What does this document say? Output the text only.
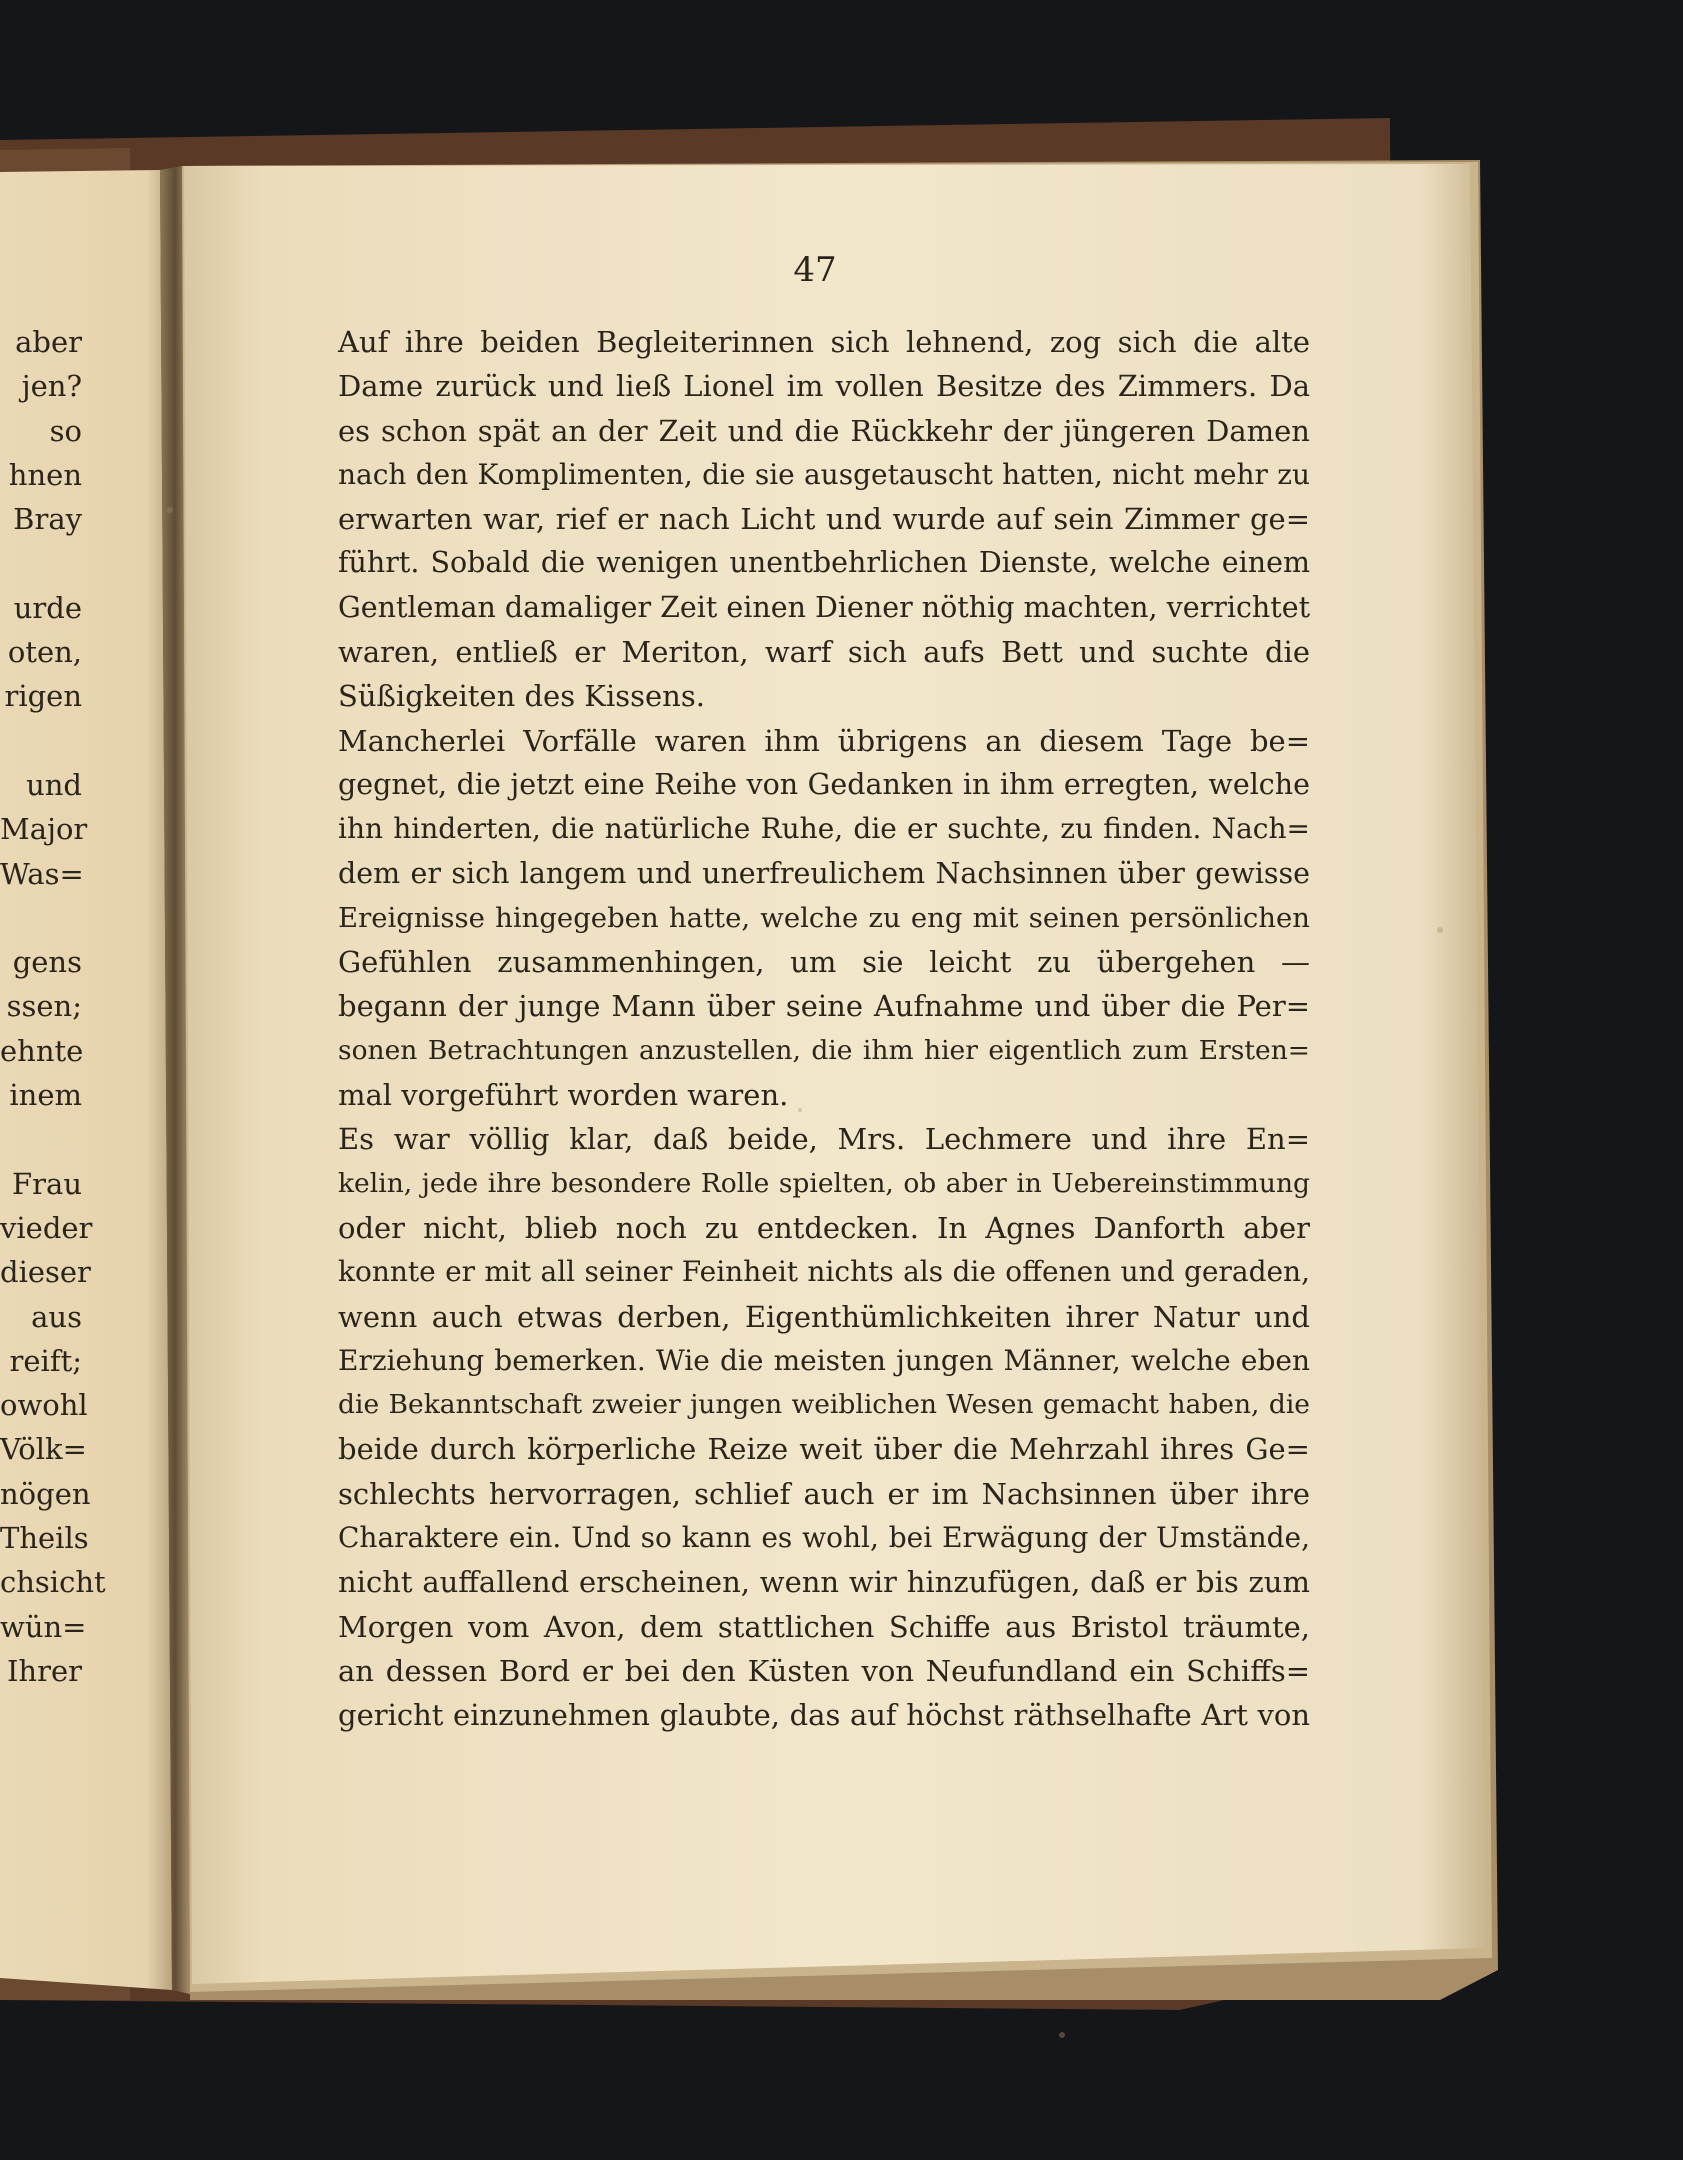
47
Auf ihre beiden Begleiterinnen sich lehnend, zog sich die alte
Dame zurück und ließ Lionel im vollen Besitze des Zimmers. Da
es schon spät an der Zeit und die Rückkehr der jüngeren Damen
nach den Komplimenten, die sie ausgetauscht hatten, nicht mehr zu
erwarten war, rief er nach Licht und wurde auf sein Zimmer ge=
führt. Sobald die wenigen unentbehrlichen Dienste, welche einem
Gentleman damaliger Zeit einen Diener nöthig machten, verrichtet
waren, entließ er Meriton, warf sich aufs Bett und suchte die
Süßigkeiten des Kissens.
Mancherlei Vorfälle waren ihm übrigens an diesem Tage be=
gegnet, die jetzt eine Reihe von Gedanken in ihm erregten, welche
ihn hinderten, die natürliche Ruhe, die er suchte, zu finden. Nach=
dem er sich langem und unerfreulichem Nachsinnen über gewisse
Ereignisse hingegeben hatte, welche zu eng mit seinen persönlichen
Gefühlen zusammenhingen, um sie leicht zu übergehen —
begann der junge Mann über seine Aufnahme und über die Per=
sonen Betrachtungen anzustellen, die ihm hier eigentlich zum Ersten=
mal vorgeführt worden waren.
Es war völlig klar, daß beide, Mrs. Lechmere und ihre En=
kelin, jede ihre besondere Rolle spielten, ob aber in Uebereinstimmung
oder nicht, blieb noch zu entdecken. In Agnes Danforth aber
konnte er mit all seiner Feinheit nichts als die offenen und geraden,
wenn auch etwas derben, Eigenthümlichkeiten ihrer Natur und
Erziehung bemerken. Wie die meisten jungen Männer, welche eben
die Bekanntschaft zweier jungen weiblichen Wesen gemacht haben, die
beide durch körperliche Reize weit über die Mehrzahl ihres Ge=
schlechts hervorragen, schlief auch er im Nachsinnen über ihre
Charaktere ein. Und so kann es wohl, bei Erwägung der Umstände,
nicht auffallend erscheinen, wenn wir hinzufügen, daß er bis zum
Morgen vom Avon, dem stattlichen Schiffe aus Bristol träumte,
an dessen Bord er bei den Küsten von Neufundland ein Schiffs=
gericht einzunehmen glaubte, das auf höchst räthselhafte Art von
aber
jen?
so
hnen
Bray
urde
oten,
rigen
und
Major
Was=
gens
ssen;
ehnte
inem
Frau
vieder
dieser
aus
reift;
owohl
Völk=
nögen
Theils
chsicht
wün=
Ihrer
